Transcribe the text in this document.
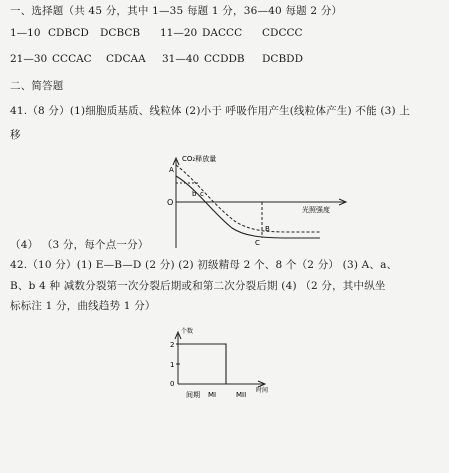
一、选择题（共 45 分，其中 1—35 每题 1 分，36—40 每题 2 分）
1—10 CDBCD DCBCB 11—20 DACCC CDCCC
21—30 CCCAC CDCAA 31—40 CCDDB DCBDD
二、简答题
41.（8 分）(1)细胞质基质、线粒体 (2)小于 呼吸作用产生(线粒体产生) 不能 (3) 上
移
CO₂释放量
光照强度
O
A
b c
B
C
个数
2
1
0
间期 MI	MII
时间
（4） （3 分，每个点一分）
42.（10 分）(1) E—B—D (2 分) (2) 初级精母 2 个、8 个（2 分） (3) A、a、
B、b 4 种 减数分裂第一次分裂后期或和第二次分裂后期 (4) （2 分，其中纵坐
标标注 1 分，曲线趋势 1 分）
